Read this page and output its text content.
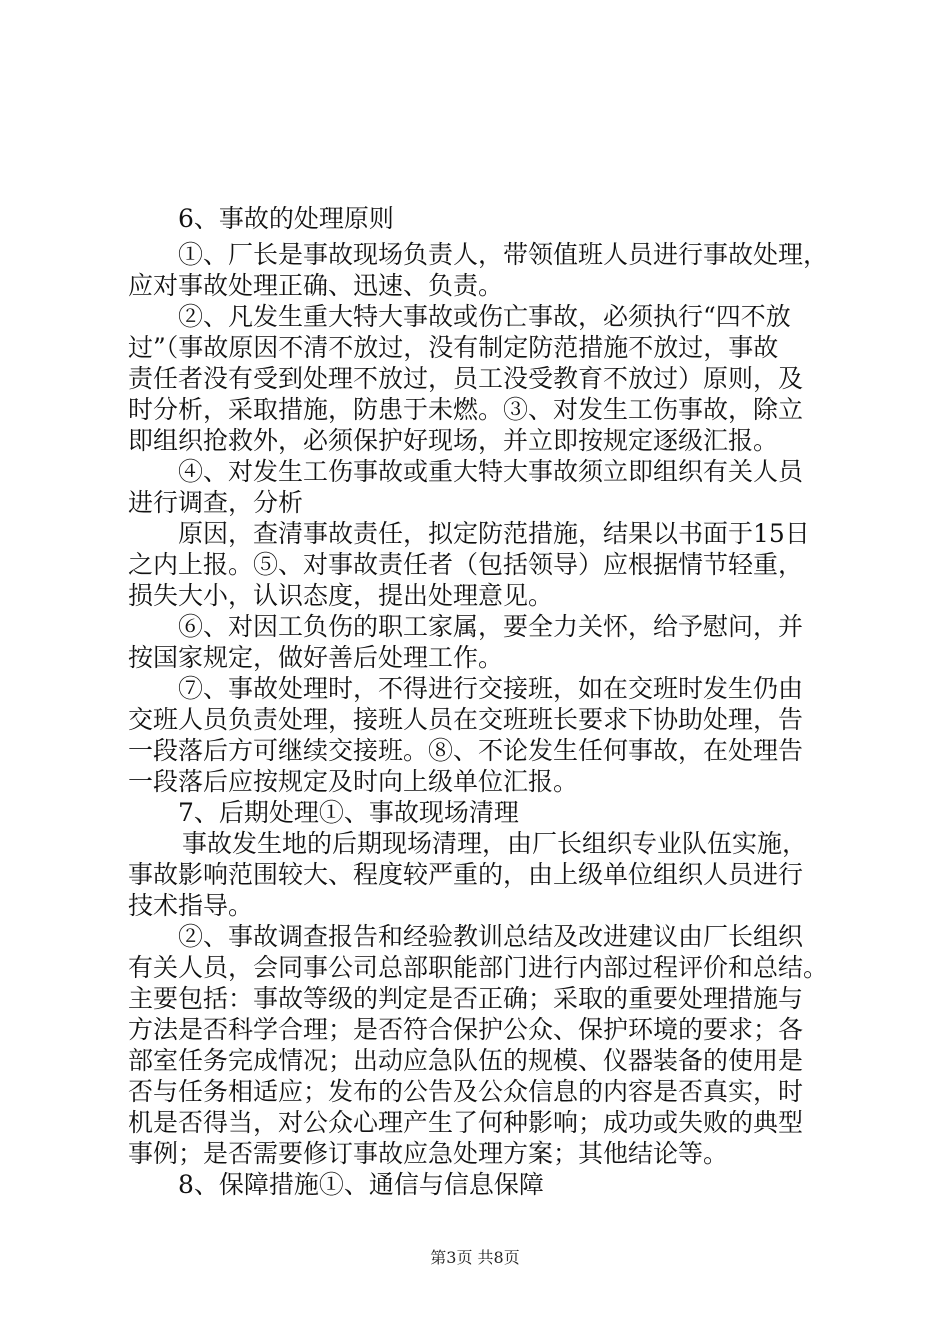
6、事故的处理原则
①、厂长是事故现场负责人，带领值班人员进行事故处理，
应对事故处理正确、迅速、负责。
②、凡发生重大特大事故或伤亡事故，必须执行“四不放
过”（事故原因不清不放过，没有制定防范措施不放过，事故
责任者没有受到处理不放过，员工没受教育不放过）原则，及
时分析，采取措施，防患于未燃。③、对发生工伤事故，除立
即组织抢救外，必须保护好现场，并立即按规定逐级汇报。
④、对发生工伤事故或重大特大事故须立即组织有关人员
进行调查，分析
原因，查清事故责任，拟定防范措施，结果以书面于15日
之内上报。⑤、对事故责任者（包括领导）应根据情节轻重，
损失大小，认识态度，提出处理意见。
⑥、对因工负伤的职工家属，要全力关怀，给予慰问，并
按国家规定，做好善后处理工作。
⑦、事故处理时，不得进行交接班，如在交班时发生仍由
交班人员负责处理，接班人员在交班班长要求下协助处理，告
一段落后方可继续交接班。⑧、不论发生任何事故，在处理告
一段落后应按规定及时向上级单位汇报。
7、后期处理①、事故现场清理
事故发生地的后期现场清理，由厂长组织专业队伍实施，
事故影响范围较大、程度较严重的，由上级单位组织人员进行
技术指导。
②、事故调查报告和经验教训总结及改进建议由厂长组织
有关人员，会同事公司总部职能部门进行内部过程评价和总结。
主要包括：事故等级的判定是否正确；采取的重要处理措施与
方法是否科学合理；是否符合保护公众、保护环境的要求；各
部室任务完成情况；出动应急队伍的规模、仪器装备的使用是
否与任务相适应；发布的公告及公众信息的内容是否真实，时
机是否得当，对公众心理产生了何种影响；成功或失败的典型
事例；是否需要修订事故应急处理方案；其他结论等。
8、保障措施①、通信与信息保障
第3页 共8页
